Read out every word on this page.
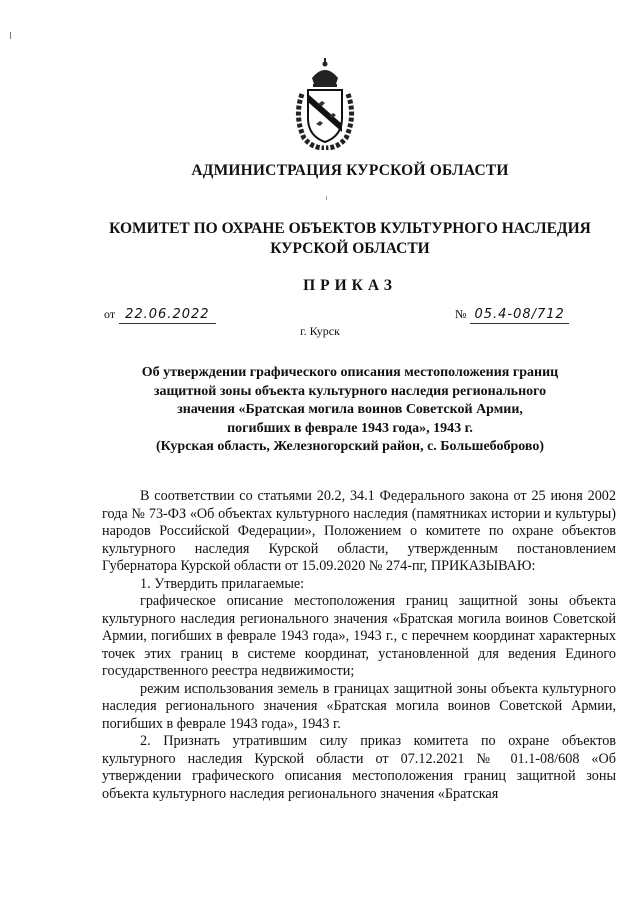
АДМИНИСТРАЦИЯ КУРСКОЙ ОБЛАСТИ
КОМИТЕТ ПО ОХРАНЕ ОБЪЕКТОВ КУЛЬТУРНОГО НАСЛЕДИЯ
КУРСКОЙ ОБЛАСТИ
ПРИКАЗ
от 22.06.2022	№ 05.4-08/712
г. Курск
Об утверждении графического описания местоположения границ
защитной зоны объекта культурного наследия регионального
значения «Братская могила воинов Советской Армии,
погибших в феврале 1943 года», 1943 г.
(Курская область, Железногорский район, с. Большебоброво)

В соответствии со статьями 20.2, 34.1 Федерального закона от 25 июня 2002 года № 73-ФЗ «Об объектах культурного наследия (памятниках истории и культуры) народов Российской Федерации», Положением о комитете по охране объектов культурного наследия Курской области, утвержденным постановлением Губернатора Курской области от 15.09.2020 № 274-пг, ПРИКАЗЫВАЮ:

1. Утвердить прилагаемые:

графическое описание местоположения границ защитной зоны объекта культурного наследия регионального значения «Братская могила воинов Советской Армии, погибших в феврале 1943 года», 1943 г., с перечнем координат характерных точек этих границ в системе координат, установленной для ведения Единого государственного реестра недвижимости;

режим использования земель в границах защитной зоны объекта культурного наследия регионального значения «Братская могила воинов Советской Армии, погибших в феврале 1943 года», 1943 г.

2. Признать утратившим силу приказ комитета по охране объектов культурного наследия Курской области от 07.12.2021 № 01.1-08/608 «Об утверждении графического описания местоположения границ защитной зоны объекта культурного наследия регионального значения «Братская
